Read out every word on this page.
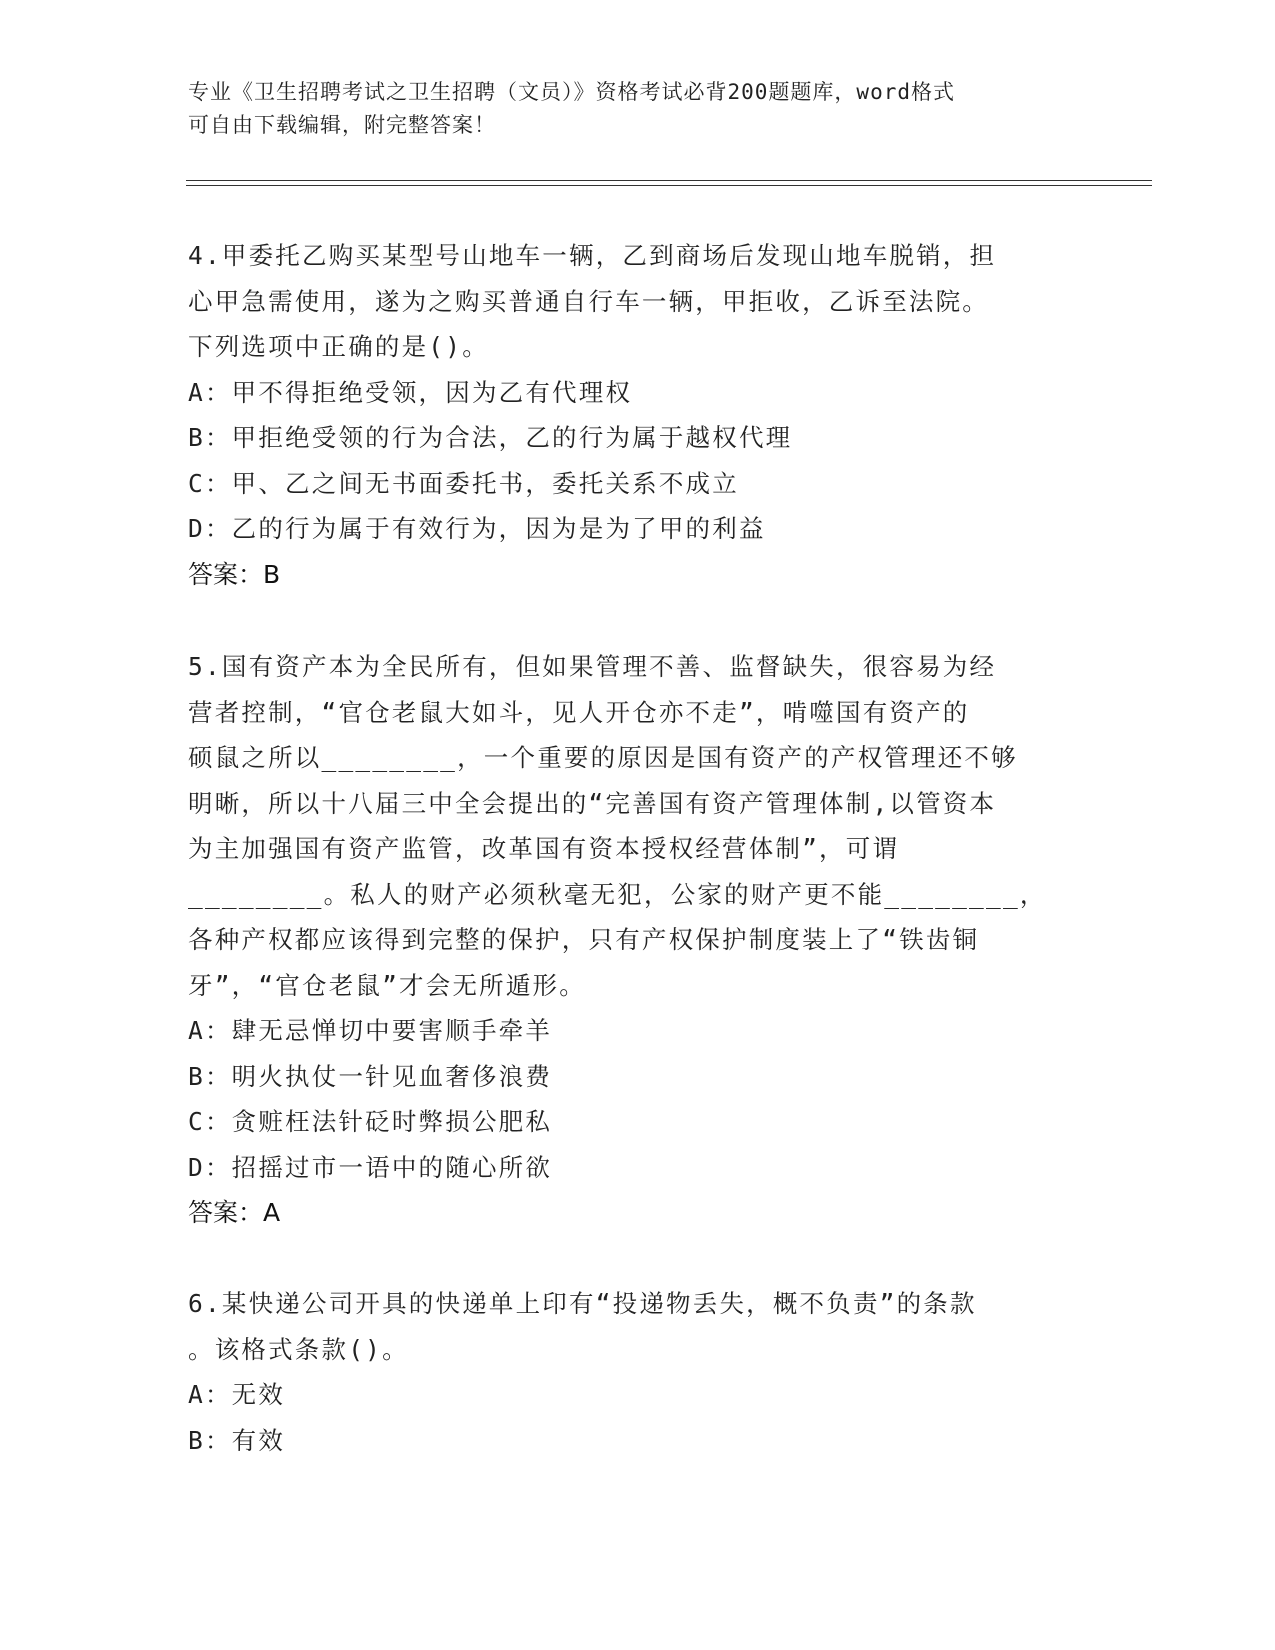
专业《卫生招聘考试之卫生招聘（文员）》资格考试必背200题题库，word格式
可自由下载编辑，附完整答案！
4.甲委托乙购买某型号山地车一辆，乙到商场后发现山地车脱销，担
心甲急需使用，遂为之购买普通自行车一辆，甲拒收，乙诉至法院。
下列选项中正确的是()。
A：甲不得拒绝受领，因为乙有代理权
B：甲拒绝受领的行为合法，乙的行为属于越权代理
C：甲、乙之间无书面委托书，委托关系不成立
D：乙的行为属于有效行为，因为是为了甲的利益
答案：B
5.国有资产本为全民所有，但如果管理不善、监督缺失，很容易为经
营者控制，“官仓老鼠大如斗，见人开仓亦不走”，啃噬国有资产的
硕鼠之所以________，一个重要的原因是国有资产的产权管理还不够
明晰，所以十八届三中全会提出的“完善国有资产管理体制,以管资本
为主加强国有资产监管，改革国有资本授权经营体制”，可谓
________。私人的财产必须秋毫无犯，公家的财产更不能________，
各种产权都应该得到完整的保护，只有产权保护制度装上了“铁齿铜
牙”，“官仓老鼠”才会无所遁形。
A：肆无忌惮切中要害顺手牵羊
B：明火执仗一针见血奢侈浪费
C：贪赃枉法针砭时弊损公肥私
D：招摇过市一语中的随心所欲
答案：A
6.某快递公司开具的快递单上印有“投递物丢失，概不负责”的条款
。该格式条款()。
A：无效
B：有效
